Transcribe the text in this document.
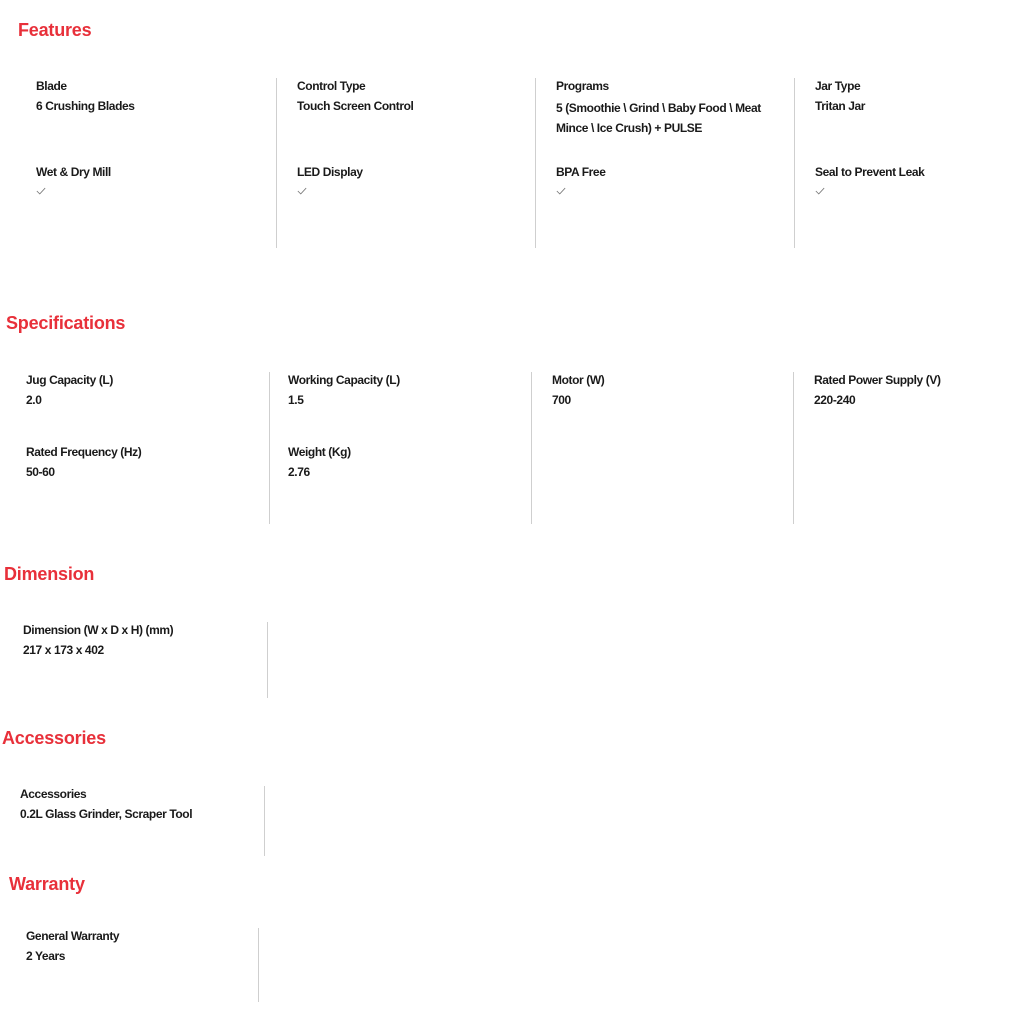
Features
Blade
6 Crushing Blades
Wet & Dry Mill
Control Type
Touch Screen Control
LED Display
Programs
5 (Smoothie \ Grind \ Baby Food \ Meat Mince \ Ice Crush) + PULSE
BPA Free
Jar Type
Tritan Jar
Seal to Prevent Leak
Specifications
Jug Capacity (L)
2.0
Rated Frequency (Hz)
50-60
Working Capacity (L)
1.5
Weight (Kg)
2.76
Motor (W)
700
Rated Power Supply (V)
220-240
Dimension
Dimension (W x D x H) (mm)
217 x 173 x 402
Accessories
Accessories
0.2L Glass Grinder, Scraper Tool
Warranty
General Warranty
2 Years
